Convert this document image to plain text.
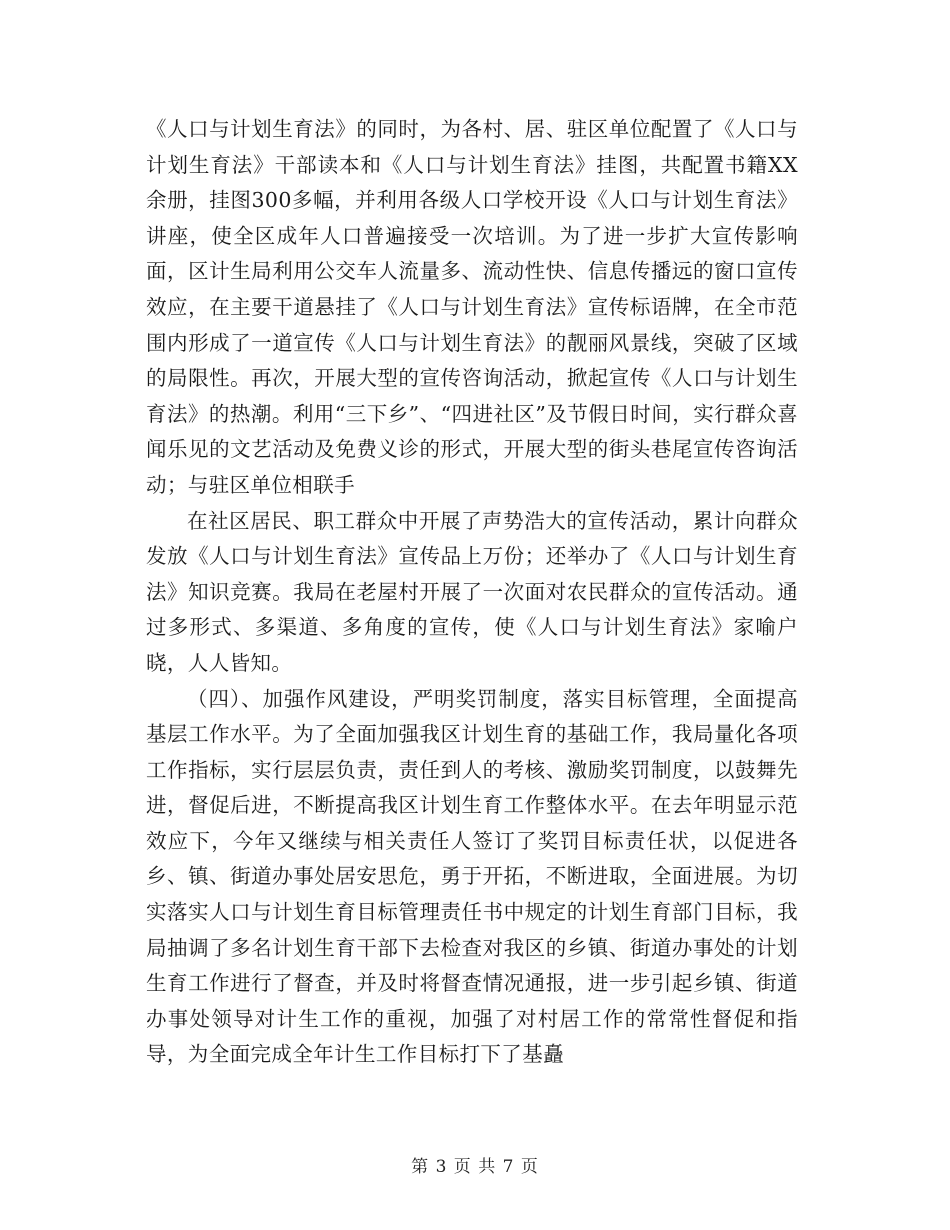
《人口与计划生育法》的同时，为各村、居、驻区单位配置了《人口与计划生育法》干部读本和《人口与计划生育法》挂图，共配置书籍XX余册，挂图300多幅，并利用各级人口学校开设《人口与计划生育法》讲座，使全区成年人口普遍接受一次培训。为了进一步扩大宣传影响面，区计生局利用公交车人流量多、流动性快、信息传播远的窗口宣传效应，在主要干道悬挂了《人口与计划生育法》宣传标语牌，在全市范围内形成了一道宣传《人口与计划生育法》的靓丽风景线，突破了区域的局限性。再次，开展大型的宣传咨询活动，掀起宣传《人口与计划生育法》的热潮。利用“三下乡”、“四进社区”及节假日时间，实行群众喜闻乐见的文艺活动及免费义诊的形式，开展大型的街头巷尾宣传咨询活动；与驻区单位相联手

在社区居民、职工群众中开展了声势浩大的宣传活动，累计向群众发放《人口与计划生育法》宣传品上万份；还举办了《人口与计划生育法》知识竞赛。我局在老屋村开展了一次面对农民群众的宣传活动。通过多形式、多渠道、多角度的宣传，使《人口与计划生育法》家喻户晓，人人皆知。

（四）、加强作风建设，严明奖罚制度，落实目标管理，全面提高基层工作水平。为了全面加强我区计划生育的基础工作，我局量化各项工作指标，实行层层负责，责任到人的考核、激励奖罚制度，以鼓舞先进，督促后进，不断提高我区计划生育工作整体水平。在去年明显示范效应下，今年又继续与相关责任人签订了奖罚目标责任状，以促进各乡、镇、街道办事处居安思危，勇于开拓，不断进取，全面进展。为切实落实人口与计划生育目标管理责任书中规定的计划生育部门目标，我局抽调了多名计划生育干部下去检查对我区的乡镇、街道办事处的计划生育工作进行了督查，并及时将督查情况通报，进一步引起乡镇、街道办事处领导对计生工作的重视，加强了对村居工作的常常性督促和指导，为全面完成全年计生工作目标打下了基矗

第 3 页 共 7 页
